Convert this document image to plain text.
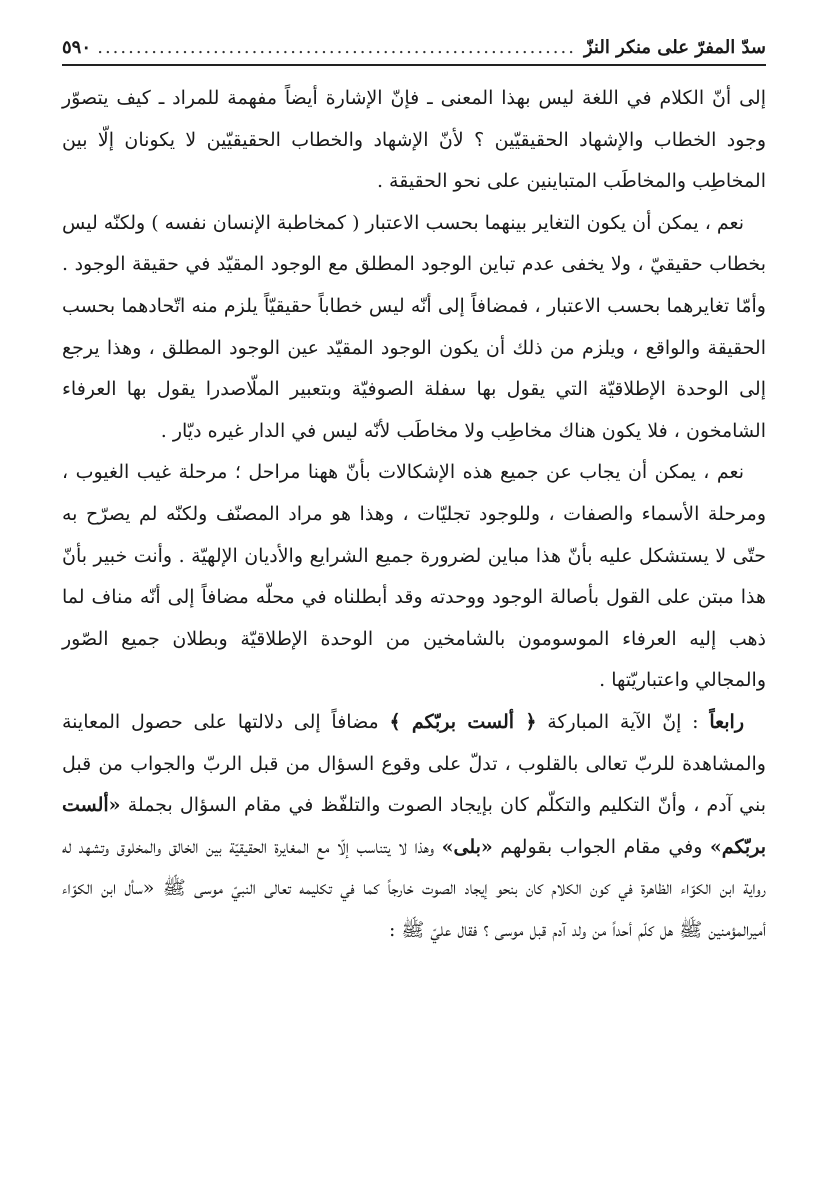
سدّ المفرّ على منكر النزّ
.....
٥٩٠

إلى أنّ الكلام في اللغة ليس بهذا المعنى ـ فإنّ الإشارة أيضاً مفهمة للمراد ـ كيف يتصوّر وجود الخطاب والإشهاد الحقيقيّين ؟ لأنّ الإشهاد والخطاب الحقيقيّين لا يكونان إلّا بين المخاطِب والمخاطَب المتباينين على نحو الحقيقة .

نعم ، يمكن أن يكون التغاير بينهما بحسب الاعتبار ( كمخاطبة الإنسان نفسه ) ولكنّه ليس بخطاب حقيقيّ ، ولا يخفى عدم تباين الوجود المطلق مع الوجود المقيّد في حقيقة الوجود . وأمّا تغايرهما بحسب الاعتبار ، فمضافاً إلى أنّه ليس خطاباً حقيقيّاً يلزم منه اتّحادهما بحسب الحقيقة والواقع ، ويلزم من ذلك أن يكون الوجود المقيّد عين الوجود المطلق ، وهذا يرجع إلى الوحدة الإطلاقيّة التي يقول بها سفلة الصوفيّة وبتعبير الملّاصدرا يقول بها العرفاء الشامخون ، فلا يكون هناك مخاطِب ولا مخاطَب لأنّه ليس في الدار غيره ديّار .

نعم ، يمكن أن يجاب عن جميع هذه الإشكالات بأنّ ههنا مراحل ؛ مرحلة غيب الغيوب ، ومرحلة الأسماء والصفات ، وللوجود تجليّات ، وهذا هو مراد المصنّف ولكنّه لم يصرّح به حتّى لا يستشكل عليه بأنّ هذا مباين لضرورة جميع الشرايع والأديان الإلهيّة . وأنت خبير بأنّ هذا مبتن على القول بأصالة الوجود ووحدته وقد أبطلناه في محلّه مضافاً إلى أنّه مناف لما ذهب إليه العرفاء الموسومون بالشامخين من الوحدة الإطلاقيّة وبطلان جميع الصّور والمجالي واعتباريّتها .

رابعاً : إنّ الآية المباركة ﴿ ألست بربّكم ﴾ مضافاً إلى دلالتها على حصول المعاينة والمشاهدة للربّ تعالى بالقلوب ، تدلّ على وقوع السؤال من قبل الربّ والجواب من قبل بني آدم ، وأنّ التكليم والتكلّم كان بإيجاد الصوت والتلفّظ في مقام السؤال بجملة «ألست بربّكم» وفي مقام الجواب بقولهم «بلى» وهذا لا يتناسب إلّا مع المغايرة الحقيقيّة بين الخالق والمخلوق وتشهد له رواية ابن الكوّاء الظاهرة في كون الكلام كان بنحو إيجاد الصوت خارجاً كما في تكليمه تعالى النبيّ موسى ﷺ «سأل ابن الكوّاء أميرالمؤمنين ﷺ هل كلّم أحداً من ولد آدم قبل موسى ؟ فقال عليّ ﷺ :
